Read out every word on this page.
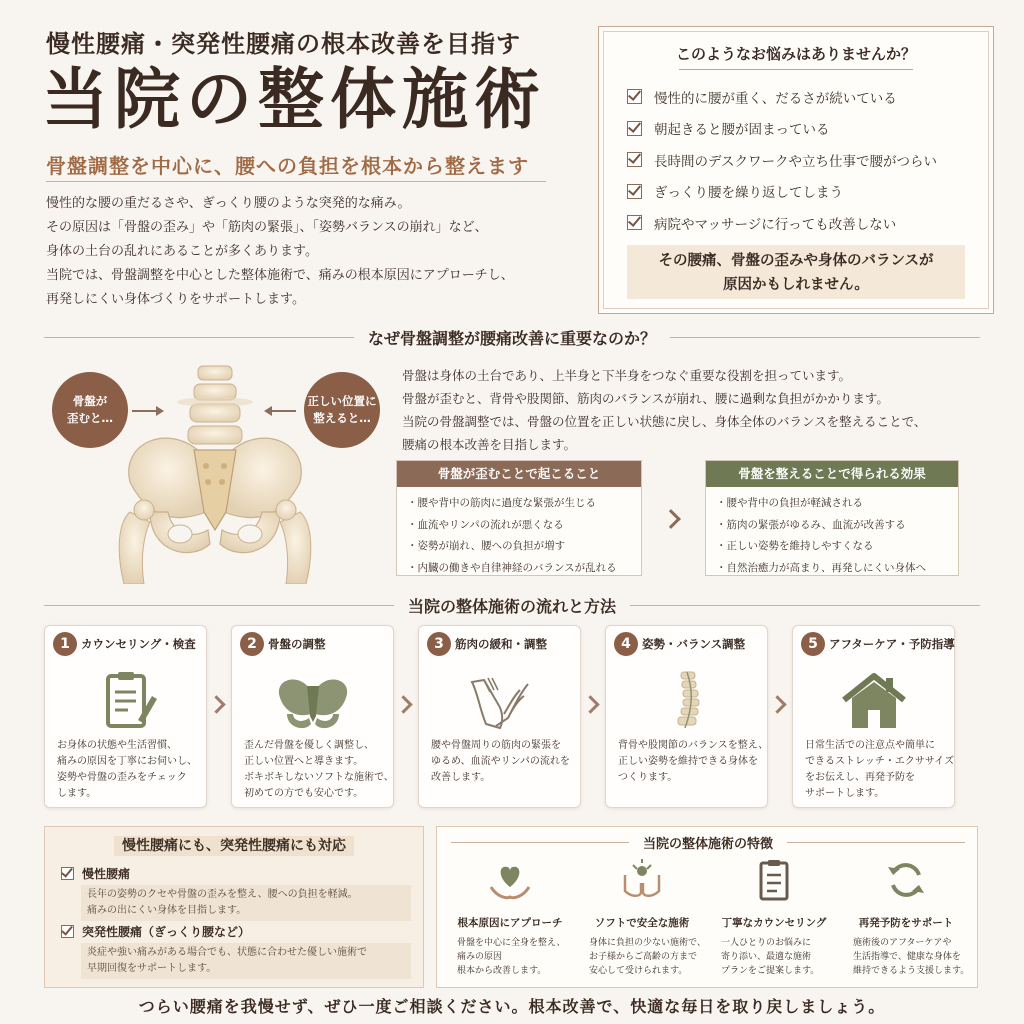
慢性腰痛・突発性腰痛の根本改善を目指す
当院の整体施術
骨盤調整を中心に、腰への負担を根本から整えます
慢性的な腰の重だるさや、ぎっくり腰のような突発的な痛み。
その原因は「骨盤の歪み」や「筋肉の緊張」、「姿勢バランスの崩れ」など、
身体の土台の乱れにあることが多くあります。
当院では、骨盤調整を中心とした整体施術で、痛みの根本原因にアプローチし、
再発しにくい身体づくりをサポートします。
このようなお悩みはありませんか？
慢性的に腰が重く、だるさが続いている
朝起きると腰が固まっている
長時間のデスクワークや立ち仕事で腰がつらい
ぎっくり腰を繰り返してしまう
病院やマッサージに行っても改善しない
その腰痛、骨盤の歪みや身体のバランスが
原因かもしれません。
なぜ骨盤調整が腰痛改善に重要なのか？
骨盤が
歪むと…
正しい位置に
整えると…
骨盤は身体の土台であり、上半身と下半身をつなぐ重要な役割を担っています。
骨盤が歪むと、背骨や股関節、筋肉のバランスが崩れ、腰に過剰な負担がかかります。
当院の骨盤調整では、骨盤の位置を正しい状態に戻し、身体全体のバランスを整えることで、
腰痛の根本改善を目指します。
骨盤が歪むことで起こること
・腰や背中の筋肉に過度な緊張が生じる
・血流やリンパの流れが悪くなる
・姿勢が崩れ、腰への負担が増す
・内臓の働きや自律神経のバランスが乱れる
骨盤を整えることで得られる効果
・腰や背中の負担が軽減される
・筋肉の緊張がゆるみ、血流が改善する
・正しい姿勢を維持しやすくなる
・自然治癒力が高まり、再発しにくい身体へ
当院の整体施術の流れと方法
1 カウンセリング・検査
お身体の状態や生活習慣、
痛みの原因を丁寧にお伺いし、
姿勢や骨盤の歪みをチェック
します。
2 骨盤の調整
歪んだ骨盤を優しく調整し、
正しい位置へと導きます。
ボキボキしないソフトな施術で、
初めての方でも安心です。
3 筋肉の緩和・調整
腰や骨盤周りの筋肉の緊張を
ゆるめ、血流やリンパの流れを
改善します。
4 姿勢・バランス調整
背骨や股関節のバランスを整え、
正しい姿勢を維持できる身体を
つくります。
5 アフターケア・予防指導
日常生活での注意点や簡単に
できるストレッチ・エクササイズ
をお伝えし、再発予防を
サポートします。
慢性腰痛にも、突発性腰痛にも対応
慢性腰痛
長年の姿勢のクセや骨盤の歪みを整え、腰への負担を軽減。
痛みの出にくい身体を目指します。
突発性腰痛（ぎっくり腰など）
炎症や強い痛みがある場合でも、状態に合わせた優しい施術で
早期回復をサポートします。
当院の整体施術の特徴
根本原因にアプローチ
骨盤を中心に全身を整え、
痛みの原因
根本から改善します。
ソフトで安全な施術
身体に負担の少ない施術で、
お子様からご高齢の方まで
安心して受けられます。
丁寧なカウンセリング
一人ひとりのお悩みに
寄り添い、最適な施術
プランをご提案します。
再発予防をサポート
施術後のアフターケアや
生活指導で、健康な身体を
維持できるよう支援します。
つらい腰痛を我慢せず、ぜひ一度ご相談ください。根本改善で、快適な毎日を取り戻しましょう。
